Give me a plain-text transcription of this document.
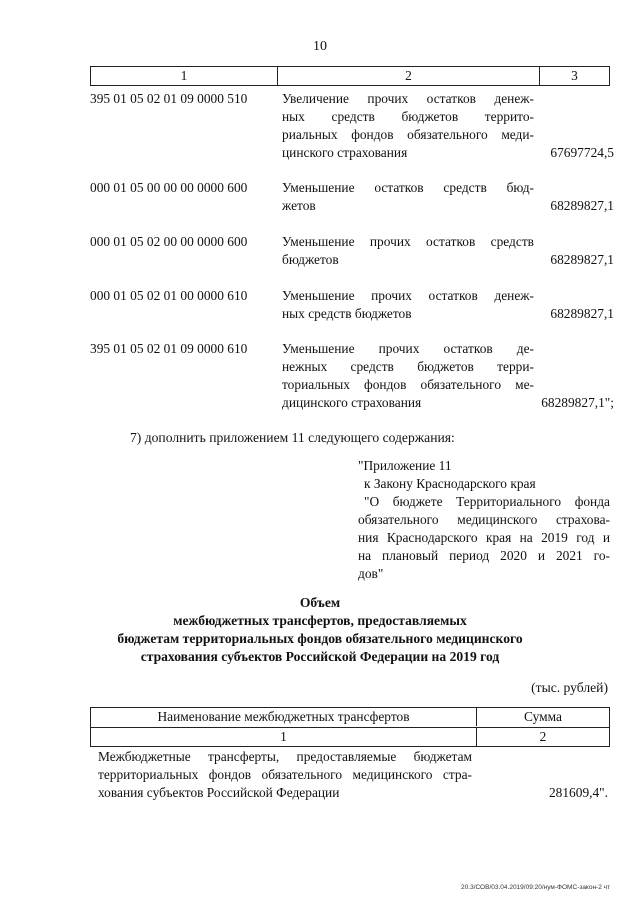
10
1	2	3
395 01 05 02 01 09 0000 510	Увеличение прочих остатков денеж-
ных средств бюджетов террито-
риальных фондов обязательного меди-
цинского страхования	67697724,5
000 01 05 00 00 00 0000 600	Уменьшение остатков средств бюд-
жетов	68289827,1
000 01 05 02 00 00 0000 600	Уменьшение прочих остатков средств
бюджетов	68289827,1
000 01 05 02 01 00 0000 610	Уменьшение прочих остатков денеж-
ных средств бюджетов	68289827,1
395 01 05 02 01 09 0000 610	Уменьшение прочих остатков де-
нежных средств бюджетов терри-
ториальных фондов обязательного ме-
дицинского страхования	68289827,1";
7) дополнить приложением 11 следующего содержания:
"Приложение 11
к Закону Краснодарского края
"О бюджете Территориального фонда
обязательного медицинского страхова-
ния Краснодарского края на 2019 год и
на плановый период 2020 и 2021 го-
дов"
Объем
межбюджетных трансфертов, предоставляемых
бюджетам территориальных фондов обязательного медицинского
страхования субъектов Российской Федерации на 2019 год
(тыс. рублей)
Наименование межбюджетных трансфертов	Сумма
1	2
Межбюджетные трансферты, предоставляемые бюджетам
территориальных фондов обязательного медицинского стра-
хования субъектов Российской Федерации	281609,4".
20.3/СОВ/03.04.2019/09:20/нум-ФОМС-закон-2 чт
